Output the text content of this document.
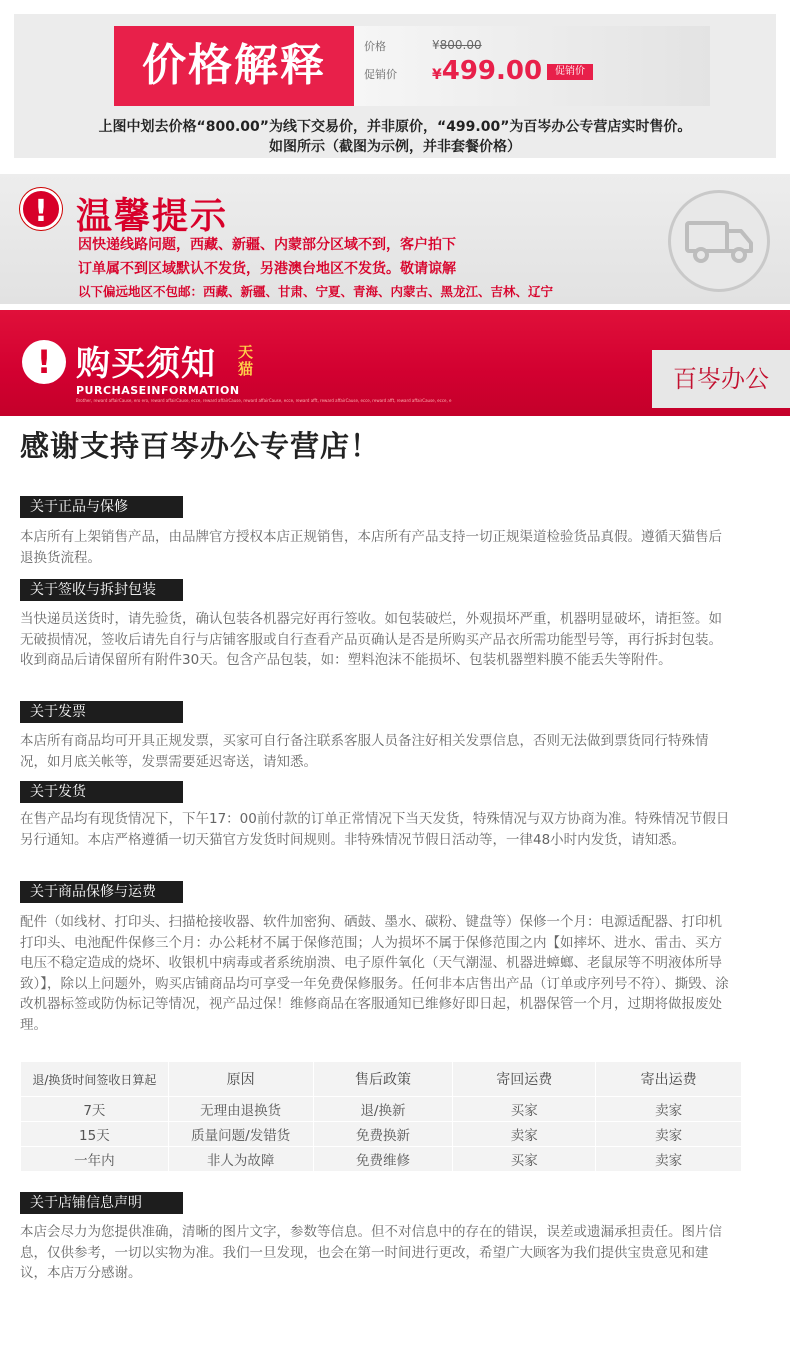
价格解释	价格
促销价
¥800.00
¥499.00	促销价
上图中划去价格“800.00”为线下交易价，并非原价，“499.00”为百岑办公专营店实时售价。
如图所示（截图为示例，并非套餐价格）
! 温馨提示
因快递线路问题，西藏、新疆、内蒙部分区域不到，客户拍下
订单属不到区域默认不发货，另港澳台地区不发货。敬请谅解
以下偏远地区不包邮：西藏、新疆、甘肃、宁夏、青海、内蒙古、黑龙江、吉林、辽宁
! 购买须知 天猫
PURCHASEINFORMATION
Brother, reward affairCause, ero ero, reward affairCause, ecce, reward affairCause, reward affairCause, ecce, reward afft, reward affairCause, ecce, reward afft, reward affairCause, ecce, e
百岑办公
感谢支持百岑办公专营店！
关于正品与保修
本店所有上架销售产品，由品牌官方授权本店正规销售，本店所有产品支持一切正规渠道检验货品真假。遵循天猫售后退换货流程。
关于签收与拆封包装
当快递员送货时，请先验货，确认包装各机器完好再行签收。如包装破烂，外观损坏严重，机器明显破坏，请拒签。如无破损情况，签收后请先自行与店铺客服或自行查看产品页确认是否是所购买产品衣所需功能型号等，再行拆封包装。收到商品后请保留所有附件30天。包含产品包装，如：塑料泡沫不能损坏、包装机器塑料膜不能丢失等附件。
关于发票
本店所有商品均可开具正规发票，买家可自行备注联系客服人员备注好相关发票信息，否则无法做到票货同行特殊情况，如月底关帐等，发票需要延迟寄送，请知悉。
关于发货
在售产品均有现货情况下，下午17：00前付款的订单正常情况下当天发货，特殊情况与双方协商为准。特殊情况节假日另行通知。本店严格遵循一切天猫官方发货时间规则。非特殊情况节假日活动等，一律48小时内发货，请知悉。
关于商品保修与运费
配件（如线材、打印头、扫描枪接收器、软件加密狗、硒鼓、墨水、碳粉、键盘等）保修一个月：电源适配器、打印机打印头、电池配件保修三个月：办公耗材不属于保修范围；人为损坏不属于保修范围之内【如摔坏、进水、雷击、买方电压不稳定造成的烧坏、收银机中病毒或者系统崩溃、电子原件氧化（天气潮湿、机器进蟑螂、老鼠尿等不明液体所导致）】，除以上问题外，购买店铺商品均可享受一年免费保修服务。任何非本店售出产品（订单或序列号不符）、撕毁、涂改机器标签或防伪标记等情况，视产品过保！维修商品在客服通知已维修好即日起，机器保管一个月，过期将做报废处理。
退/换货时间签收日算起	原因	售后政策	寄回运费	寄出运费
7天	无理由退换货	退/换新	买家	卖家
15天	质量问题/发错货	免费换新	卖家	卖家
一年内	非人为故障	免费维修	买家	卖家
关于店铺信息声明
本店会尽力为您提供准确，清晰的图片文字，参数等信息。但不对信息中的存在的错误，误差或遗漏承担责任。图片信息，仅供参考，一切以实物为准。我们一旦发现，也会在第一时间进行更改，希望广大顾客为我们提供宝贵意见和建议，本店万分感谢。
